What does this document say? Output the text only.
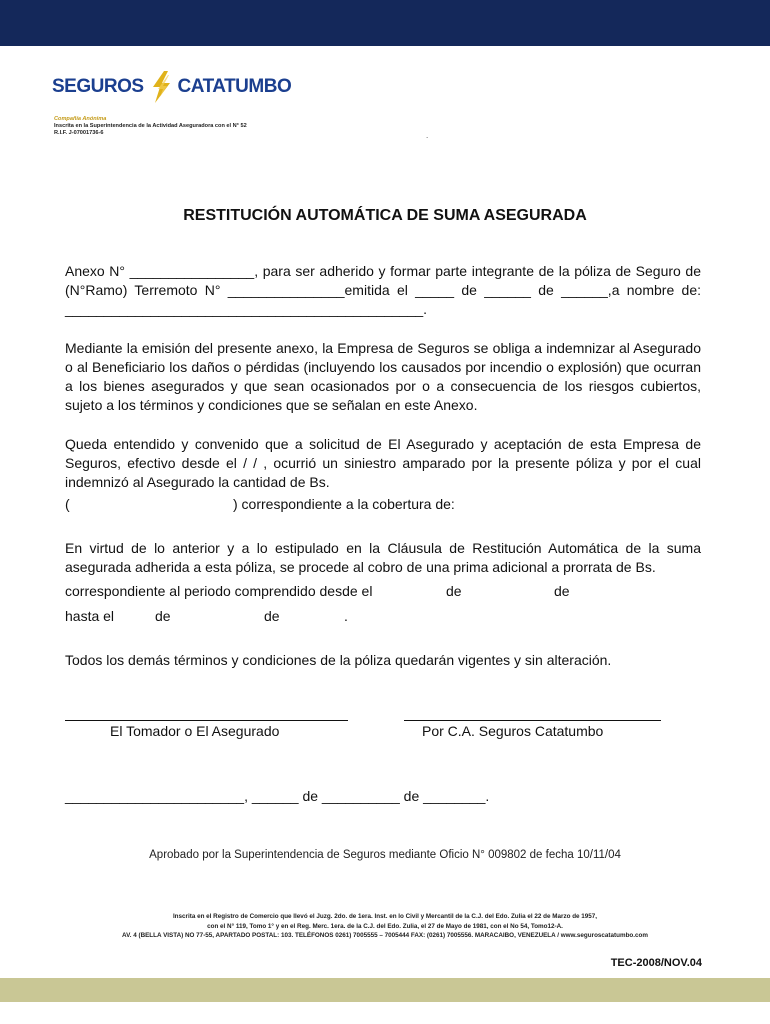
SEGUROS CATATUMBO
Compañía Anónima
Inscrita en la Superintendencia de la Actividad Aseguradora con el N° 52
R.I.F. J-07001736-6	.
RESTITUCIÓN AUTOMÁTICA DE SUMA ASEGURADA
Anexo N° ________________, para ser adherido y formar parte integrante de la póliza de Seguro de (N°Ramo) Terremoto N° _______________emitida el _____ de ______ de ______,a nombre de: ______________________________________________.
Mediante la emisión del presente anexo, la Empresa de Seguros se obliga a indemnizar al Asegurado o al Beneficiario los daños o pérdidas (incluyendo los causados por incendio o explosión) que ocurran a los bienes asegurados y que sean ocasionados por o a consecuencia de los riesgos cubiertos, sujeto a los términos y condiciones que se señalan en este Anexo.
Queda entendido y convenido que a solicitud de El Asegurado y aceptación de esta Empresa de Seguros, efectivo desde el / / , ocurrió un siniestro amparado por la presente póliza y por el cual indemnizó al Asegurado la cantidad de Bs.
(	) correspondiente a la cobertura de:
En virtud de lo anterior y a lo estipulado en la Cláusula de Restitución Automática de la suma asegurada adherida a esta póliza, se procede al cobro de una prima adicional a prorrata de Bs.
correspondiente al periodo comprendido desde el	de	de
hasta el	de	de	.
Todos los demás términos y condiciones de la póliza quedarán vigentes y sin alteración.
El Tomador o El Asegurado	Por C.A. Seguros Catatumbo
_______________________, ______ de __________ de ________.
Aprobado por la Superintendencia de Seguros mediante Oficio N° 009802 de fecha 10/11/04
Inscrita en el Registro de Comercio que llevó el Juzg. 2do. de 1era. Inst. en lo Civil y Mercantil de la C.J. del Edo. Zulia el 22 de Marzo de 1957,
con el N° 119, Tomo 1° y en el Reg. Merc. 1era. de la C.J. del Edo. Zulia, el 27 de Mayo de 1981, con el No 54, Tomo12-A.
AV. 4 (BELLA VISTA) NO 77-55, APARTADO POSTAL: 103. TELÉFONOS 0261) 7005555 – 7005444 FAX: (0261) 7005556. MARACAIBO, VENEZUELA / www.seguroscatatumbo.com
TEC-2008/NOV.04
